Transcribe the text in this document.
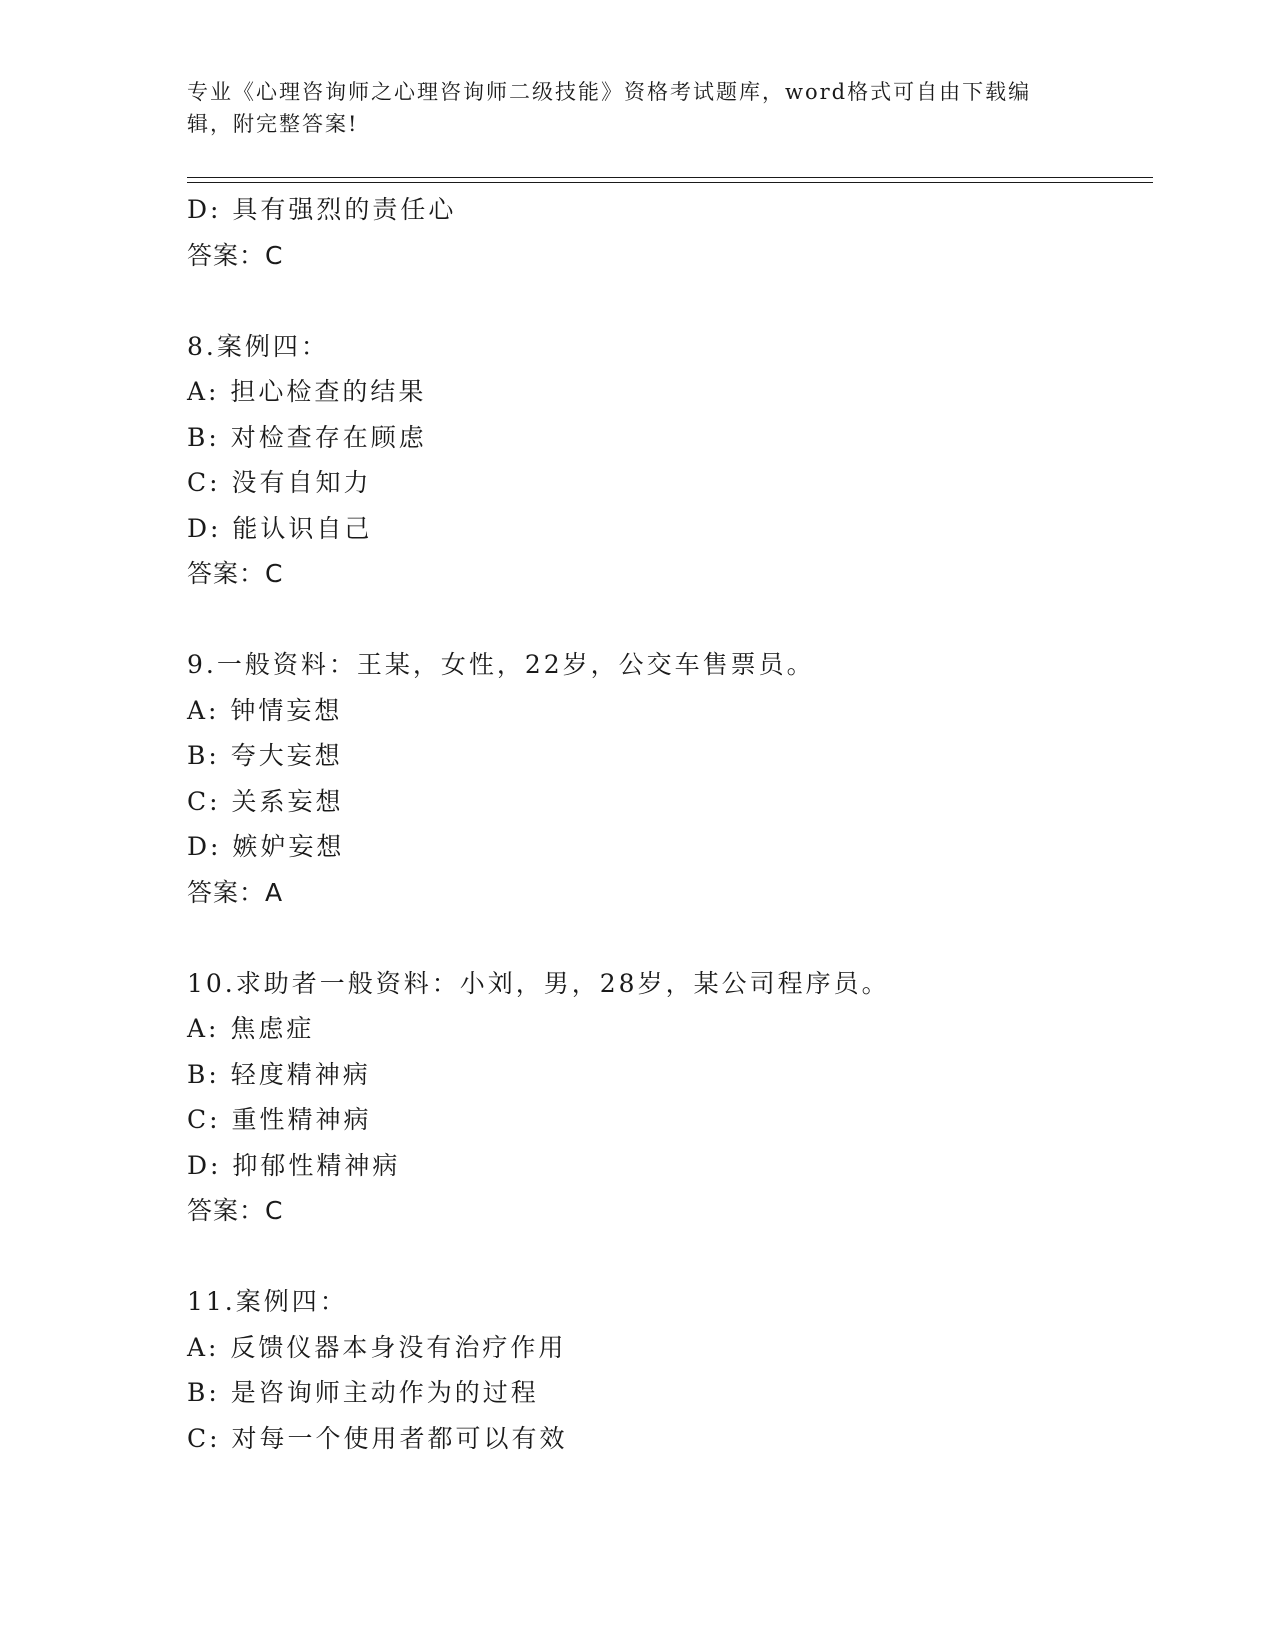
专业《心理咨询师之心理咨询师二级技能》资格考试题库，word格式可自由下载编辑，附完整答案!
D: 具有强烈的责任心
答案：C
8.案例四：
A: 担心检查的结果
B: 对检查存在顾虑
C: 没有自知力
D: 能认识自己
答案：C
9.一般资料：王某，女性，22岁，公交车售票员。
A: 钟情妄想
B: 夸大妄想
C: 关系妄想
D: 嫉妒妄想
答案：A
10.求助者一般资料：小刘，男，28岁，某公司程序员。
A: 焦虑症
B: 轻度精神病
C: 重性精神病
D: 抑郁性精神病
答案：C
11.案例四：
A: 反馈仪器本身没有治疗作用
B: 是咨询师主动作为的过程
C: 对每一个使用者都可以有效
